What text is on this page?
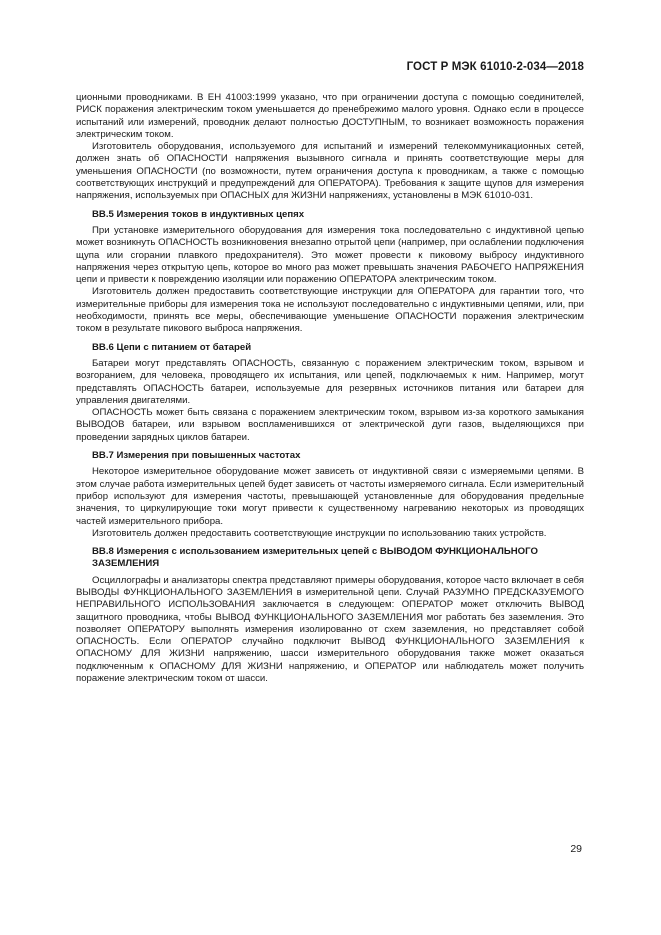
ГОСТ Р МЭК 61010-2-034—2018

ционными проводниками. В ЕН 41003:1999 указано, что при ограничении доступа с помощью соединителей, РИСК поражения электрическим током уменьшается до пренебрежимо малого уровня. Однако если в процессе испытаний или измерений, проводник делают полностью ДОСТУПНЫМ, то возникает возможность поражения электрическим током.

Изготовитель оборудования, используемого для испытаний и измерений телекоммуникационных сетей, должен знать об ОПАСНОСТИ напряжения вызывного сигнала и принять соответствующие меры для уменьшения ОПАСНОСТИ (по возможности, путем ограничения доступа к проводникам, а также с помощью соответствующих инструкций и предупреждений для ОПЕРАТОРА). Требования к защите щупов для измерения напряжения, используемых при ОПАСНЫХ для ЖИЗНИ напряжениях, установлены в МЭК 61010-031.

ВВ.5 Измерения токов в индуктивных цепях

При установке измерительного оборудования для измерения тока последовательно с индуктивной цепью может возникнуть ОПАСНОСТЬ возникновения внезапно отрытой цепи (например, при ослаблении подключения щупа или сгорании плавкого предохранителя). Это может провести к пиковому выбросу индуктивного напряжения через открытую цепь, которое во много раз может превышать значения РАБОЧЕГО НАПРЯЖЕНИЯ цепи и привести к повреждению изоляции или поражению ОПЕРАТОРА электрическим током.

Изготовитель должен предоставить соответствующие инструкции для ОПЕРАТОРА для гарантии того, что измерительные приборы для измерения тока не используют последовательно с индуктивными цепями, или, при необходимости, принять все меры, обеспечивающие уменьшение ОПАСНОСТИ поражения электрическим током в результате пикового выброса напряжения.

ВВ.6 Цепи с питанием от батарей

Батареи могут представлять ОПАСНОСТЬ, связанную с поражением электрическим током, взрывом и возгоранием, для человека, проводящего их испытания, или цепей, подключаемых к ним. Например, могут представлять ОПАСНОСТЬ батареи, используемые для резервных источников питания или батареи для управления двигателями.

ОПАСНОСТЬ может быть связана с поражением электрическим током, взрывом из-за короткого замыкания ВЫВОДОВ батареи, или взрывом воспламенившихся от электрической дуги газов, выделяющихся при проведении зарядных циклов батареи.

ВВ.7 Измерения при повышенных частотах

Некоторое измерительное оборудование может зависеть от индуктивной связи с измеряемыми цепями. В этом случае работа измерительных цепей будет зависеть от частоты измеряемого сигнала. Если измерительный прибор используют для измерения частоты, превышающей установленные для оборудования предельные значения, то циркулирующие токи могут привести к существенному нагреванию некоторых из проводящих частей измерительного прибора.

Изготовитель должен предоставить соответствующие инструкции по использованию таких устройств.

ВВ.8 Измерения с использованием измерительных цепей с ВЫВОДОМ ФУНКЦИОНАЛЬНОГО ЗАЗЕМЛЕНИЯ

Осциллографы и анализаторы спектра представляют примеры оборудования, которое часто включает в себя ВЫВОДЫ ФУНКЦИОНАЛЬНОГО ЗАЗЕМЛЕНИЯ в измерительной цепи. Случай РАЗУМНО ПРЕДСКАЗУЕМОГО НЕПРАВИЛЬНОГО ИСПОЛЬЗОВАНИЯ заключается в следующем: ОПЕРАТОР может отключить ВЫВОД защитного проводника, чтобы ВЫВОД ФУНКЦИОНАЛЬНОГО ЗАЗЕМЛЕНИЯ мог работать без заземления. Это позволяет ОПЕРАТОРУ выполнять измерения изолированно от схем заземления, но представляет собой ОПАСНОСТЬ. Если ОПЕРАТОР случайно подключит ВЫВОД ФУНКЦИОНАЛЬНОГО ЗАЗЕМЛЕНИЯ к ОПАСНОМУ ДЛЯ ЖИЗНИ напряжению, шасси измерительного оборудования также может оказаться подключенным к ОПАСНОМУ ДЛЯ ЖИЗНИ напряжению, и ОПЕРАТОР или наблюдатель может получить поражение электрическим током от шасси.

29
